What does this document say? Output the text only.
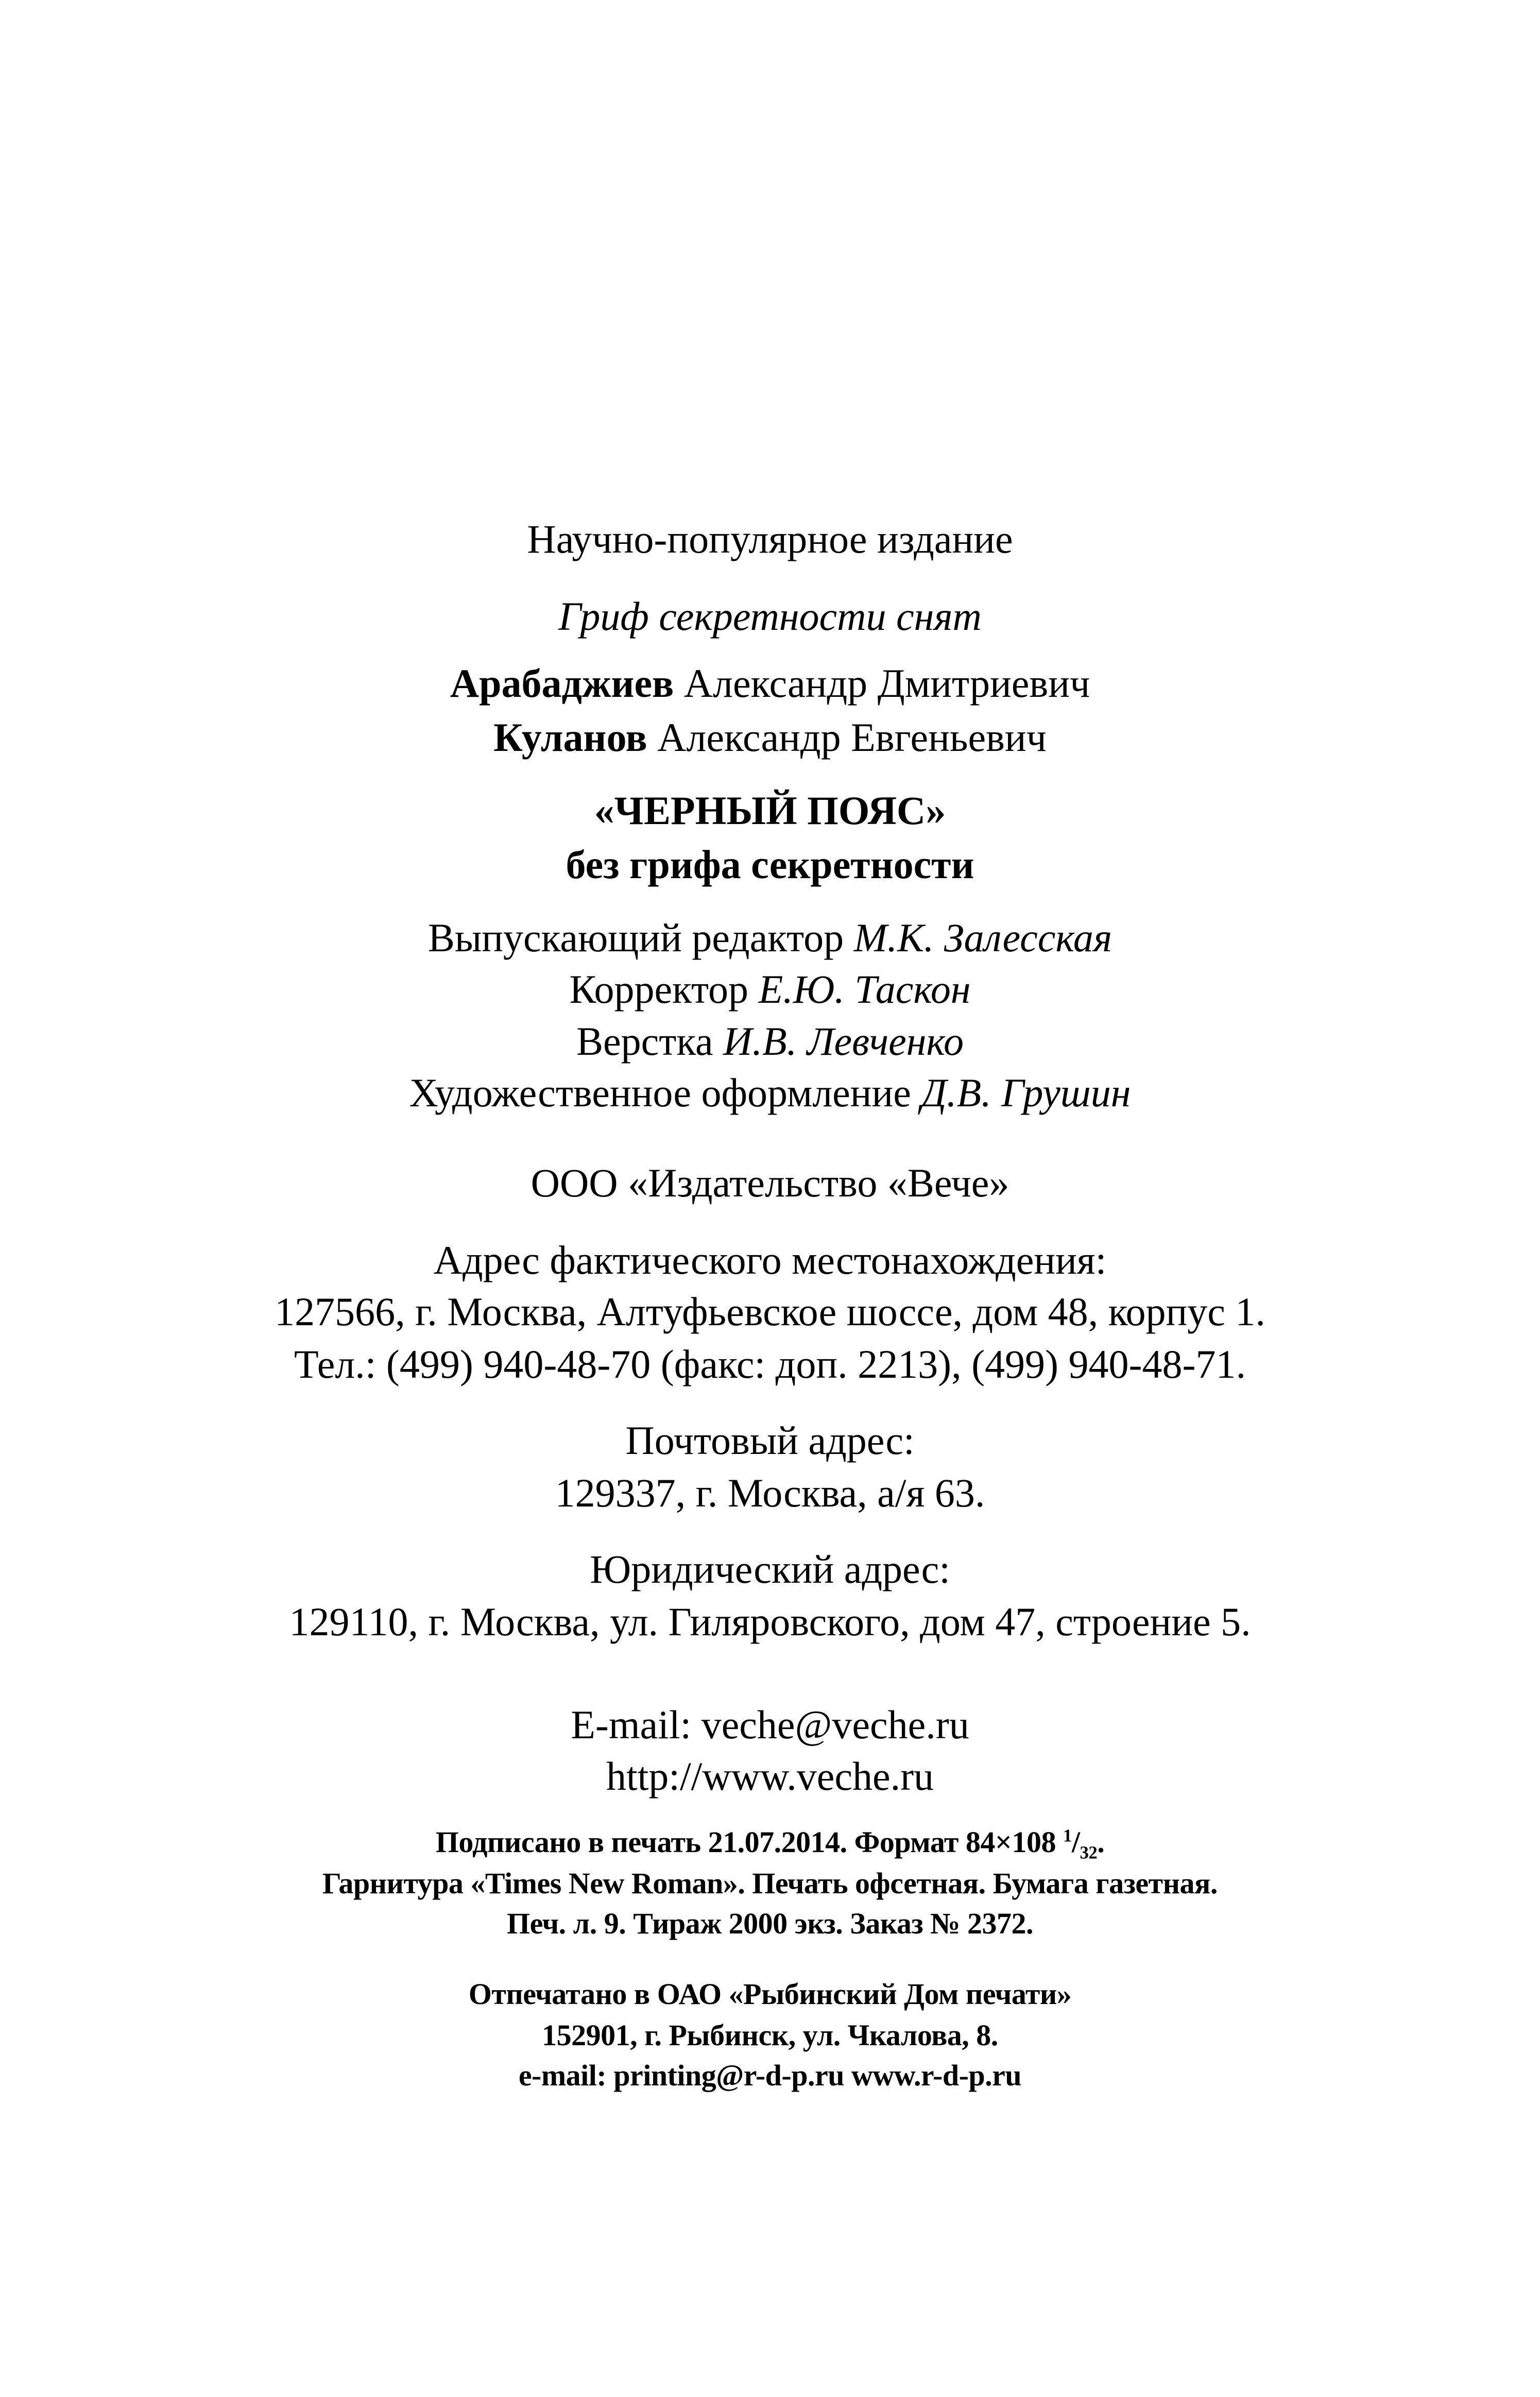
Научно-популярное издание
Гриф секретности снят
Арабаджиев Александр Дмитриевич
Куланов Александр Евгеньевич
«ЧЕРНЫЙ ПОЯС»
без грифа секретности
Выпускающий редактор М.К. Залесская
Корректор Е.Ю. Таскон
Верстка И.В. Левченко
Художественное оформление Д.В. Грушин
ООО «Издательство «Вече»
Адрес фактического местонахождения:
127566, г. Москва, Алтуфьевское шоссе, дом 48, корпус 1.
Тел.: (499) 940-48-70 (факс: доп. 2213), (499) 940-48-71.
Почтовый адрес:
129337, г. Москва, а/я 63.
Юридический адрес:
129110, г. Москва, ул. Гиляровского, дом 47, строение 5.
E-mail: veche@veche.ru
http://www.veche.ru
Подписано в печать 21.07.2014. Формат 84×108 $^1/_{32}$.
Гарнитура «Times New Roman». Печать офсетная. Бумага газетная.
Печ. л. 9. Тираж 2000 экз. Заказ № 2372.
Отпечатано в ОАО «Рыбинский Дом печати»
152901, г. Рыбинск, ул. Чкалова, 8.
e-mail: printing@r-d-p.ru www.r-d-p.ru
